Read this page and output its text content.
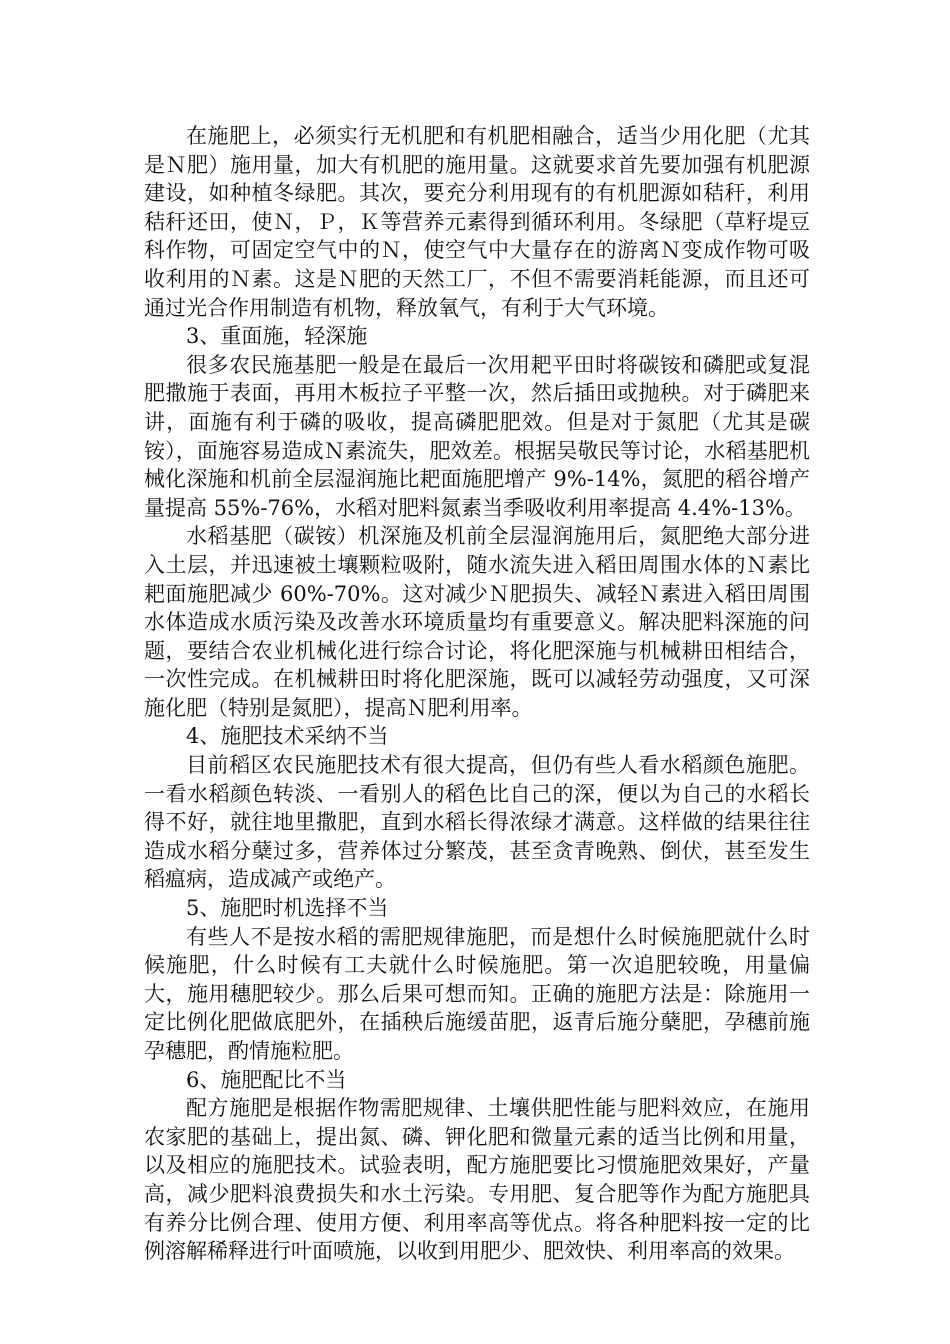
在施肥上，必须实行无机肥和有机肥相融合，适当少用化肥（尤其是Ｎ肥）施用量，加大有机肥的施用量。这就要求首先要加强有机肥源建设，如种植冬绿肥。其次，要充分利用现有的有机肥源如秸秆，利用秸秆还田，使Ｎ，Ｐ，Ｋ等营养元素得到循环利用。冬绿肥（草籽堤豆科作物，可固定空气中的Ｎ，使空气中大量存在的游离Ｎ变成作物可吸收利用的Ｎ素。这是Ｎ肥的天然工厂，不但不需要消耗能源，而且还可通过光合作用制造有机物，释放氧气，有利于大气环境。

3、重面施，轻深施

很多农民施基肥一般是在最后一次用耙平田时将碳铵和磷肥或复混肥撒施于表面，再用木板拉子平整一次，然后插田或抛秧。对于磷肥来讲，面施有利于磷的吸收，提高磷肥肥效。但是对于氮肥（尤其是碳铵），面施容易造成Ｎ素流失，肥效差。根据吴敬民等讨论，水稻基肥机械化深施和机前全层湿润施比耙面施肥增产 9%-14%，氮肥的稻谷增产量提高 55%-76%，水稻对肥料氮素当季吸收利用率提高 4.4%-13%。

水稻基肥（碳铵）机深施及机前全层湿润施用后，氮肥绝大部分进入土层，并迅速被土壤颗粒吸附，随水流失进入稻田周围水体的Ｎ素比耙面施肥减少 60%-70%。这对减少Ｎ肥损失、减轻Ｎ素进入稻田周围水体造成水质污染及改善水环境质量均有重要意义。解决肥料深施的问题，要结合农业机械化进行综合讨论，将化肥深施与机械耕田相结合，一次性完成。在机械耕田时将化肥深施，既可以减轻劳动强度，又可深施化肥（特别是氮肥），提高Ｎ肥利用率。

4、施肥技术采纳不当

目前稻区农民施肥技术有很大提高，但仍有些人看水稻颜色施肥。一看水稻颜色转淡、一看别人的稻色比自己的深，便以为自己的水稻长得不好，就往地里撒肥，直到水稻长得浓绿才满意。这样做的结果往往造成水稻分蘖过多，营养体过分繁茂，甚至贪青晚熟、倒伏，甚至发生稻瘟病，造成减产或绝产。

5、施肥时机选择不当

有些人不是按水稻的需肥规律施肥，而是想什么时候施肥就什么时候施肥，什么时候有工夫就什么时候施肥。第一次追肥较晚，用量偏大，施用穗肥较少。那么后果可想而知。正确的施肥方法是：除施用一定比例化肥做底肥外，在插秧后施缓苗肥，返青后施分蘖肥，孕穗前施孕穗肥，酌情施粒肥。

6、施肥配比不当

配方施肥是根据作物需肥规律、土壤供肥性能与肥料效应，在施用农家肥的基础上，提出氮、磷、钾化肥和微量元素的适当比例和用量，以及相应的施肥技术。试验表明，配方施肥要比习惯施肥效果好，产量高，减少肥料浪费损失和水土污染。专用肥、复合肥等作为配方施肥具有养分比例合理、使用方便、利用率高等优点。将各种肥料按一定的比例溶解稀释进行叶面喷施，以收到用肥少、肥效快、利用率高的效果。
